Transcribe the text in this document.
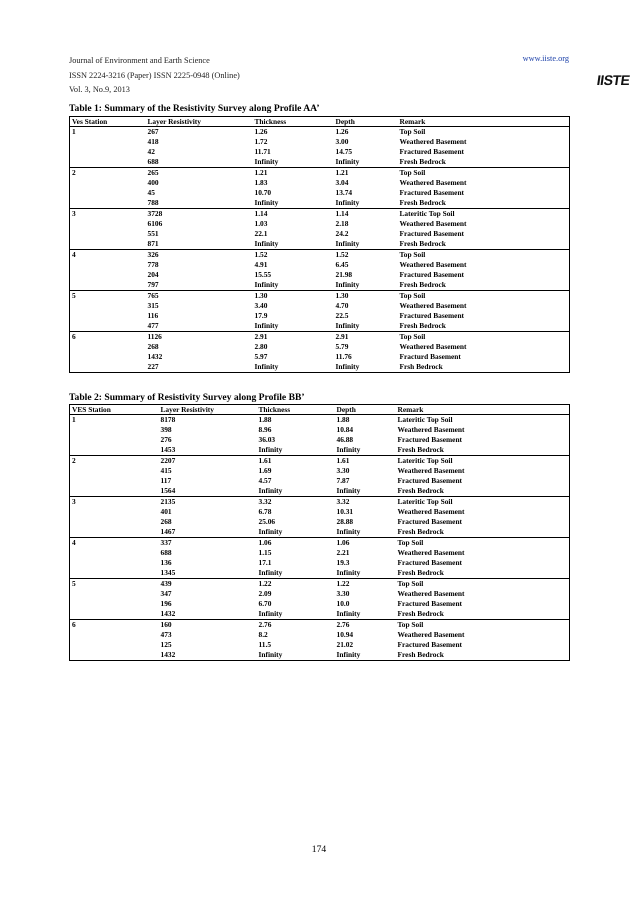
Journal of Environment and Earth Science
ISSN 2224-3216 (Paper) ISSN 2225-0948 (Online)
Vol. 3, No.9, 2013
www.iiste.org
IISTE
Table 1: Summary of the Resistivity Survey along Profile AA’
Ves Station	Layer Resistivity	Thickness	Depth	Remark
1	267	1.26	1.26	Top Soil
	418	1.72	3.00	Weathered Basement
	42	11.71	14.75	Fractured Basement
	688	Infinity	Infinity	Fresh Bedrock
2	265	1.21	1.21	Top Soil
	400	1.83	3.04	Weathered Basement
	45	10.70	13.74	Fractured Basement
	788	Infinity	Infinity	Fresh Bedrock
3	3728	1.14	1.14	Lateritic Top Soil
	6106	1.03	2.18	Weathered Basement
	551	22.1	24.2	Fractured Basement
	871	Infinity	Infinity	Fresh Bedrock
4	326	1.52	1.52	Top Soil
	778	4.91	6.45	Weathered Basement
	204	15.55	21.98	Fractured Basement
	797	Infinity	Infinity	Fresh Bedrock
5	765	1.30	1.30	Top Soil
	315	3.40	4.70	Weathered Basement
	116	17.9	22.5	Fractured Basement
	477	Infinity	Infinity	Fresh Bedrock
6	1126	2.91	2.91	Top Soil
	268	2.80	5.79	Weathered Basement
	1432	5.97	11.76	Fracturd Basement
	227	Infinity	Infinity	Frsh Bedrock
Table 2: Summary of Resistivity Survey along Profile BB’
VES Station	Layer Resistivity	Thickness	Depth	Remark
1	8178	1.88	1.88	Lateritic Top Soil
	398	8.96	10.84	Weathered Basement
	276	36.03	46.88	Fractured Basement
	1453	Infinity	Infinity	Fresh Bedrock
2	2207	1.61	1.61	Lateritic Top Soil
	415	1.69	3.30	Weathered Basement
	117	4.57	7.87	Fractured Basement
	1564	Infinity	Infinity	Fresh Bedrock
3	2135	3.32	3.32	Lateritic Top Soil
	401	6.78	10.31	Weathered Basement
	268	25.06	28.88	Fractured Basement
	1467	Infinity	Infinity	Fresh Bedrock
4	337	1.06	1.06	Top Soil
	688	1.15	2.21	Weathered Basement
	136	17.1	19.3	Fractured Basement
	1345	Infinity	Infinity	Fresh Bedrock
5	439	1.22	1.22	Top Soil
	347	2.09	3.30	Weathered Basement
	196	6.70	10.0	Fractured Basement
	1432	Infinity	Infinity	Fresh Bedrock
6	160	2.76	2.76	Top Soil
	473	8.2	10.94	Weathered Basement
	125	11.5	21.02	Fractured Basement
	1432	Infinity	Infinity	Fresh Bedrock
174
